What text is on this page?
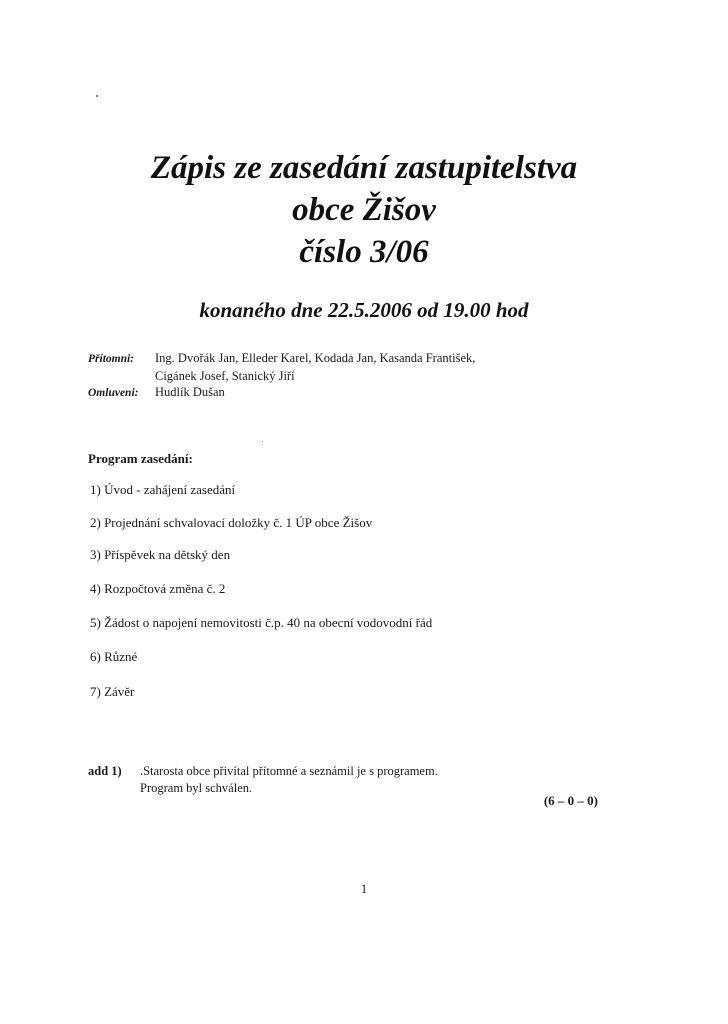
Zápis ze zasedání zastupitelstva
obce Žišov
číslo 3/06
konaného dne 22.5.2006 od 19.00 hod
Přítomni: Ing. Dvořák Jan, Elleder Karel, Kodada Jan, Kasanda František,
Cigánek Josef, Stanický Jiří
Omluveni: Hudlík Dušan
Program zasedání:
1) Úvod - zahájení zasedání
2) Projednání schvalovací doložky č. 1 ÚP obce Žišov
3) Příspěvek na dětský den
4) Rozpočtová změna č. 2
5) Žádost o napojení nemovitosti č.p. 40 na obecní vodovodní řád
6) Různé
7) Závěr
add 1) .Starosta obce přivítal přítomné a seznámil je s programem.
Program byl schválen.
(6 – 0 – 0)
1
